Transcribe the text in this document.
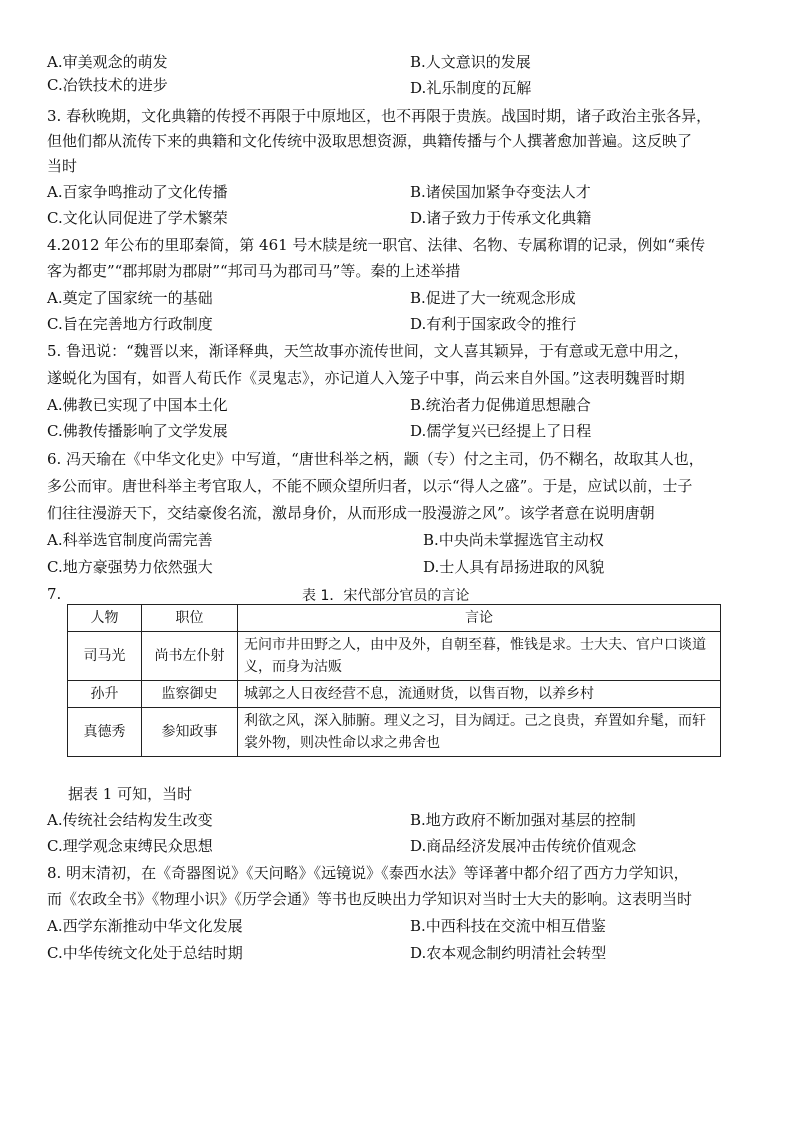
A.审美观念的萌发	B.人文意识的发展
C.冶铁技术的进步	D.礼乐制度的瓦解
3. 春秋晚期，文化典籍的传授不再限于中原地区，也不再限于贵族。战国时期，诸子政治主张各异，
但他们都从流传下来的典籍和文化传统中汲取思想资源，典籍传播与个人撰著愈加普遍。这反映了
当时
A.百家争鸣推动了文化传播	B.诸侯国加紧争夺变法人才
C.文化认同促进了学术繁荣	D.诸子致力于传承文化典籍
4.2012 年公布的里耶秦简，第 461 号木牍是统一职官、法律、名物、专属称谓的记录，例如“乘传
客为都吏”“郡邦尉为郡尉”“邦司马为郡司马”等。秦的上述举措
A.奠定了国家统一的基础	B.促进了大一统观念形成
C.旨在完善地方行政制度	D.有利于国家政令的推行
5. 鲁迅说：“魏晋以来，渐译释典，天竺故事亦流传世间，文人喜其颖异，于有意或无意中用之，
遂蜕化为国有，如晋人荀氏作《灵鬼志》，亦记道人入笼子中事，尚云来自外国。”这表明魏晋时期
A.佛教已实现了中国本土化	B.统治者力促佛道思想融合
C.佛教传播影响了文学发展	D.儒学复兴已经提上了日程
6. 冯天瑜在《中华文化史》中写道，“唐世科举之柄，颛（专）付之主司，仍不糊名，故取其人也，
多公而审。唐世科举主考官取人，不能不顾众望所归者，以示“得人之盛”。于是，应试以前，士子
们往往漫游天下，交结豪俊名流，激昂身价，从而形成一股漫游之风”。该学者意在说明唐朝
A.科举选官制度尚需完善	B.中央尚未掌握选官主动权
C.地方豪强势力依然强大	D.士人具有昂扬进取的风貌
7.	表 1．宋代部分官员的言论
人物	职位	言论
司马光	尚书左仆射	无问市井田野之人，由中及外，自朝至暮，惟钱是求。士大夫、官户口谈道
义，而身为沽贩
孙升	监察御史	城郭之人日夜经营不息，流通财货，以售百物，以养乡村
真德秀	参知政事	利欲之风，深入肺腑。理义之习，目为阔迂。己之良贵，弃置如弁髦，而轩
裳外物，则决性命以求之弗舍也
据表 1 可知，当时
A.传统社会结构发生改变	B.地方政府不断加强对基层的控制
C.理学观念束缚民众思想	D.商品经济发展冲击传统价值观念
8. 明末清初，在《奇器图说》《天问略》《远镜说》《泰西水法》等译著中都介绍了西方力学知识，
而《农政全书》《物理小识》《历学会通》等书也反映出力学知识对当时士大夫的影响。这表明当时
A.西学东渐推动中华文化发展	B.中西科技在交流中相互借鉴
C.中华传统文化处于总结时期	D.农本观念制约明清社会转型
